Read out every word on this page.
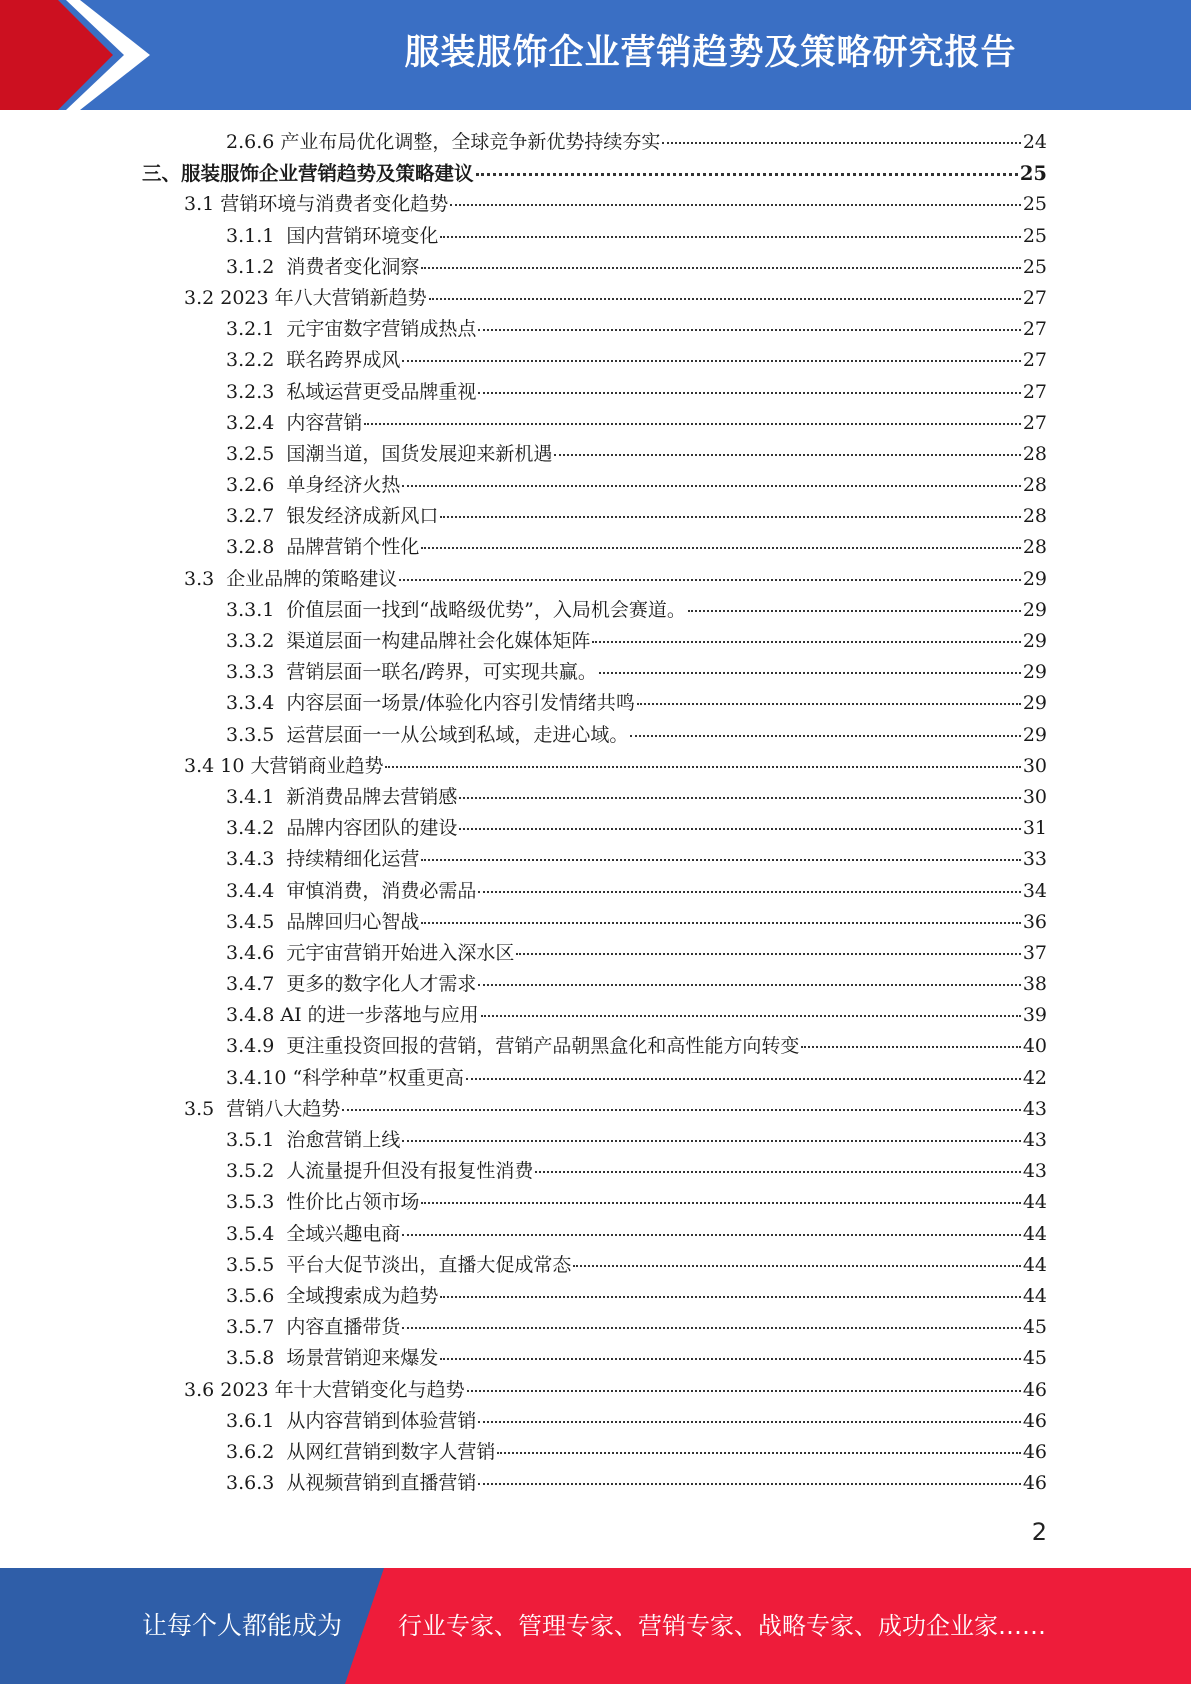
服装服饰企业营销趋势及策略研究报告
2.6.6 产业布局优化调整，全球竞争新优势持续夯实	24
三、服装服饰企业营销趋势及策略建议	25
3.1 营销环境与消费者变化趋势	25
3.1.1  国内营销环境变化	25
3.1.2  消费者变化洞察	25
3.2 2023 年八大营销新趋势	27
3.2.1  元宇宙数字营销成热点	27
3.2.2  联名跨界成风	27
3.2.3  私域运营更受品牌重视	27
3.2.4  内容营销	27
3.2.5  国潮当道，国货发展迎来新机遇	28
3.2.6  单身经济火热	28
3.2.7  银发经济成新风口	28
3.2.8  品牌营销个性化	28
3.3  企业品牌的策略建议	29
3.3.1  价值层面一找到“战略级优势”，入局机会赛道。	29
3.3.2  渠道层面一构建品牌社会化媒体矩阵	29
3.3.3  营销层面一联名/跨界，可实现共赢。	29
3.3.4  内容层面一场景/体验化内容引发情绪共鸣	29
3.3.5  运营层面一一从公域到私域，走进心域。	29
3.4 10 大营销商业趋势	30
3.4.1  新消费品牌去营销感	30
3.4.2  品牌内容团队的建设	31
3.4.3  持续精细化运营	33
3.4.4  审慎消费，消费必需品	34
3.4.5  品牌回归心智战	36
3.4.6  元宇宙营销开始进入深水区	37
3.4.7  更多的数字化人才需求	38
3.4.8 AI 的进一步落地与应用	39
3.4.9  更注重投资回报的营销，营销产品朝黑盒化和高性能方向转变	40
3.4.10 “科学种草”权重更高	42
3.5  营销八大趋势	43
3.5.1  治愈营销上线	43
3.5.2  人流量提升但没有报复性消费	43
3.5.3  性价比占领市场	44
3.5.4  全域兴趣电商	44
3.5.5  平台大促节淡出，直播大促成常态	44
3.5.6  全域搜索成为趋势	44
3.5.7  内容直播带货	45
3.5.8  场景营销迎来爆发	45
3.6 2023 年十大营销变化与趋势	46
3.6.1  从内容营销到体验营销	46
3.6.2  从网红营销到数字人营销	46
3.6.3  从视频营销到直播营销	46
2
让每个人都能成为 行业专家、管理专家、营销专家、战略专家、成功企业家……
